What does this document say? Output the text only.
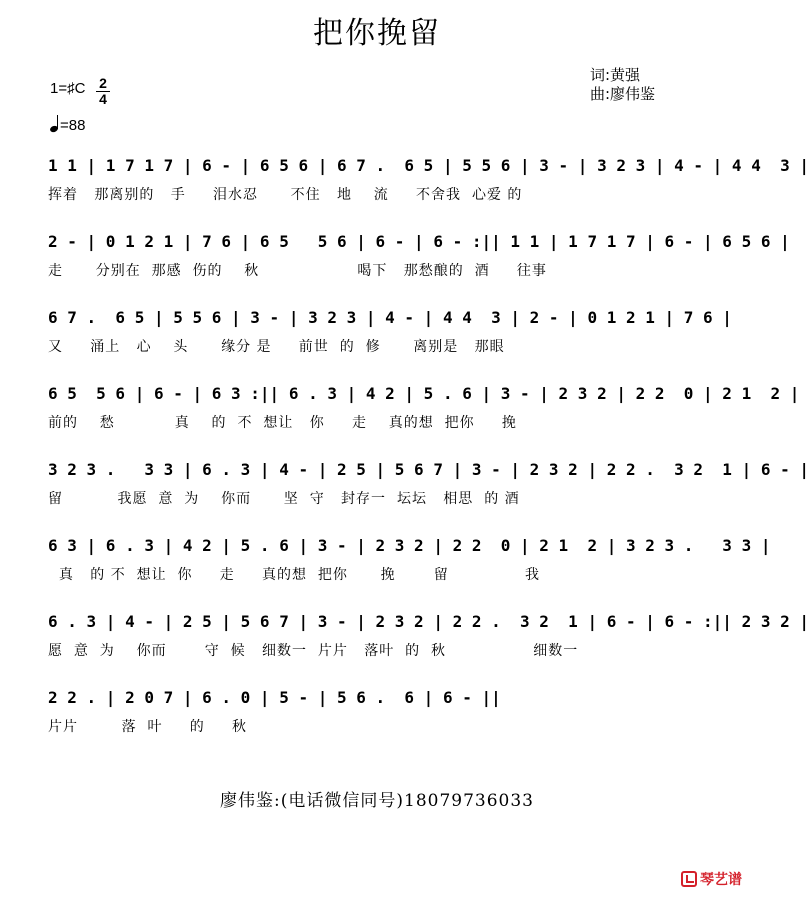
把你挽留
词:黄强
曲:廖伟鉴
1=♯C 2
4
=88
1 1 | 1 7 1 7 | 6 - | 6 5 6 | 6 7 .  6 5 | 5 5 6 | 3 - | 3 2 3 | 4 - | 4 4  3 |
挥着   那离别的   手     泪水忍      不住   地    流     不舍我  心爱 的
2 - | 0 1 2 1 | 7 6 | 6 5   5 6 | 6 - | 6 - :|| 1 1 | 1 7 1 7 | 6 - | 6 5 6 |
走      分别在  那感  伤的    秋                  喝下   那愁酿的  酒     往事
6 7 .  6 5 | 5 5 6 | 3 - | 3 2 3 | 4 - | 4 4  3 | 2 - | 0 1 2 1 | 7 6 |
又     涌上   心    头      缘分 是     前世  的  修      离别是   那眼
6 5  5 6 | 6 - | 6 3 :|| 6 . 3 | 4 2 | 5 . 6 | 3 - | 2 3 2 | 2 2  0 | 2 1  2 |
前的    愁           真    的  不  想让   你     走    真的想  把你     挽
3 2 3 .   3 3 | 6 . 3 | 4 - | 2 5 | 5 6 7 | 3 - | 2 3 2 | 2 2 .  3 2  1 | 6 - |
留          我愿  意  为    你而      坚  守   封存一  坛坛   相思  的 酒
6 3 | 6 . 3 | 4 2 | 5 . 6 | 3 - | 2 3 2 | 2 2  0 | 2 1  2 | 3 2 3 .   3 3 |
真   的 不  想让  你     走     真的想  把你      挽       留              我
6 . 3 | 4 - | 2 5 | 5 6 7 | 3 - | 2 3 2 | 2 2 .  3 2  1 | 6 - | 6 - :|| 2 3 2 |
愿  意  为    你而       守  候   细数一  片片   落叶  的  秋                细数一
2 2 . | 2 0 7 | 6 . 0 | 5 - | 5 6 .  6 | 6 - ||
片片        落  叶     的     秋
廖伟鉴:(电话微信同号)18079736033
琴艺谱
